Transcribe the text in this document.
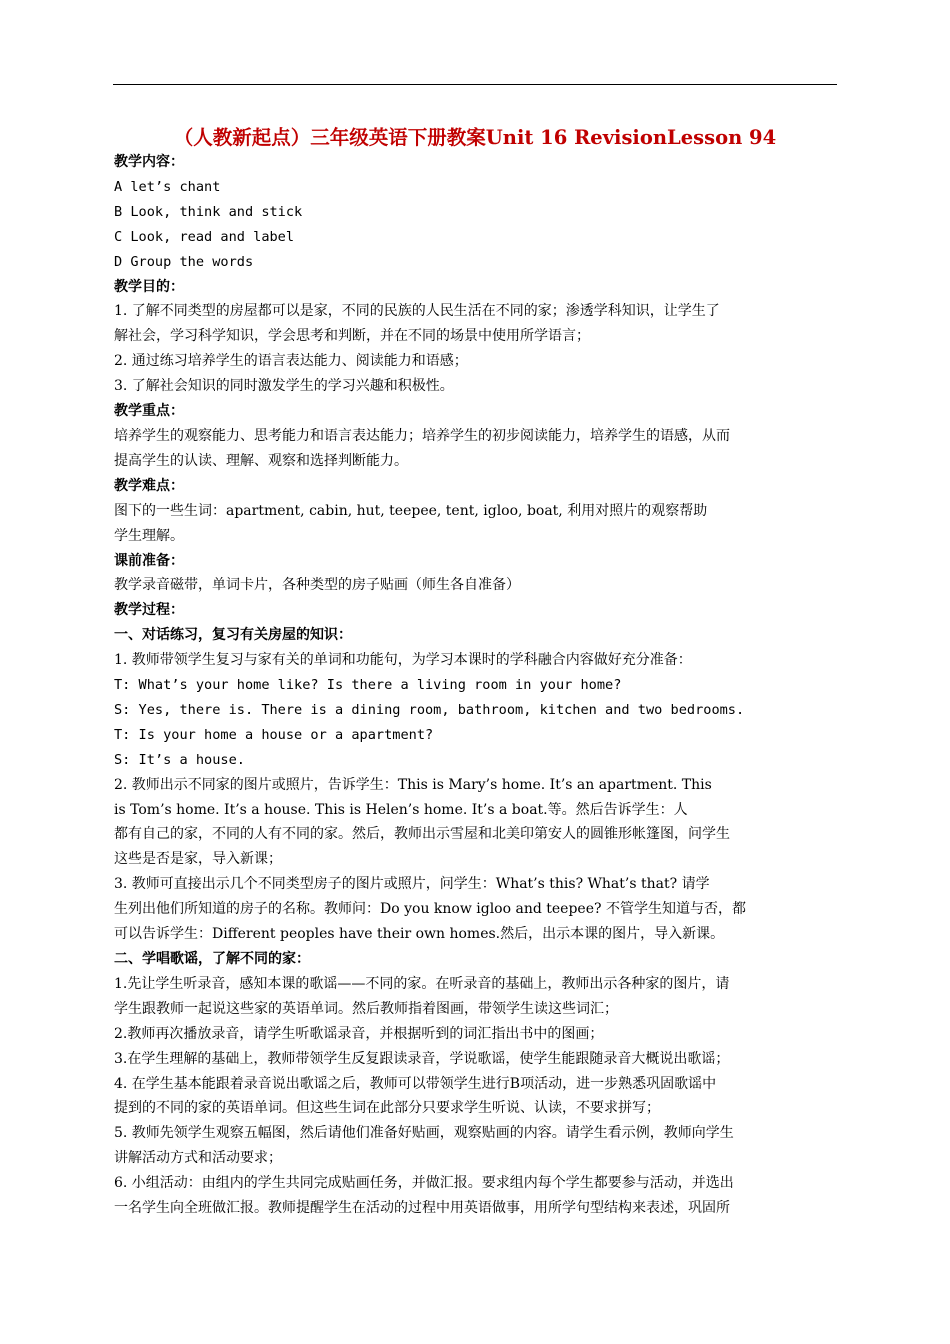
（人教新起点）三年级英语下册教案Unit 16 RevisionLesson 94
教学内容：
A let’s chant
B Look, think and stick
C Look, read and label
D Group the words
教学目的：
1. 了解不同类型的房屋都可以是家，不同的民族的人民生活在不同的家；渗透学科知识，让学生了
解社会，学习科学知识，学会思考和判断，并在不同的场景中使用所学语言；
2. 通过练习培养学生的语言表达能力、阅读能力和语感；
3. 了解社会知识的同时激发学生的学习兴趣和积极性。
教学重点：
培养学生的观察能力、思考能力和语言表达能力；培养学生的初步阅读能力，培养学生的语感，从而
提高学生的认读、理解、观察和选择判断能力。
教学难点：
图下的一些生词：apartment, cabin, hut, teepee, tent, igloo, boat, 利用对照片的观察帮助
学生理解。
课前准备：
教学录音磁带，单词卡片，各种类型的房子贴画（师生各自准备）
教学过程：
一、对话练习，复习有关房屋的知识：
1. 教师带领学生复习与家有关的单词和功能句，为学习本课时的学科融合内容做好充分准备：
T: What’s your home like? Is there a living room in your home?
S: Yes, there is. There is a dining room, bathroom, kitchen and two bedrooms.
T: Is your home a house or a apartment?
S: It’s a house.
2. 教师出示不同家的图片或照片，告诉学生：This is Mary’s home. It’s an apartment. This
is Tom’s home. It’s a house. This is Helen’s home. It’s a boat.等。然后告诉学生：人
都有自己的家，不同的人有不同的家。然后，教师出示雪屋和北美印第安人的圆锥形帐篷图，问学生
这些是否是家，导入新课；
3. 教师可直接出示几个不同类型房子的图片或照片，问学生：What’s this? What’s that? 请学
生列出他们所知道的房子的名称。教师问：Do you know igloo and teepee? 不管学生知道与否，都
可以告诉学生：Different peoples have their own homes.然后，出示本课的图片，导入新课。
二、学唱歌谣，了解不同的家：
1.先让学生听录音，感知本课的歌谣——不同的家。在听录音的基础上，教师出示各种家的图片，请
学生跟教师一起说这些家的英语单词。然后教师指着图画，带领学生读这些词汇；
2.教师再次播放录音，请学生听歌谣录音，并根据听到的词汇指出书中的图画；
3.在学生理解的基础上，教师带领学生反复跟读录音，学说歌谣，使学生能跟随录音大概说出歌谣；
4. 在学生基本能跟着录音说出歌谣之后，教师可以带领学生进行B项活动，进一步熟悉巩固歌谣中
提到的不同的家的英语单词。但这些生词在此部分只要求学生听说、认读，不要求拼写；
5. 教师先领学生观察五幅图，然后请他们准备好贴画，观察贴画的内容。请学生看示例，教师向学生
讲解活动方式和活动要求；
6. 小组活动：由组内的学生共同完成贴画任务，并做汇报。要求组内每个学生都要参与活动，并选出
一名学生向全班做汇报。教师提醒学生在活动的过程中用英语做事，用所学句型结构来表述，巩固所
